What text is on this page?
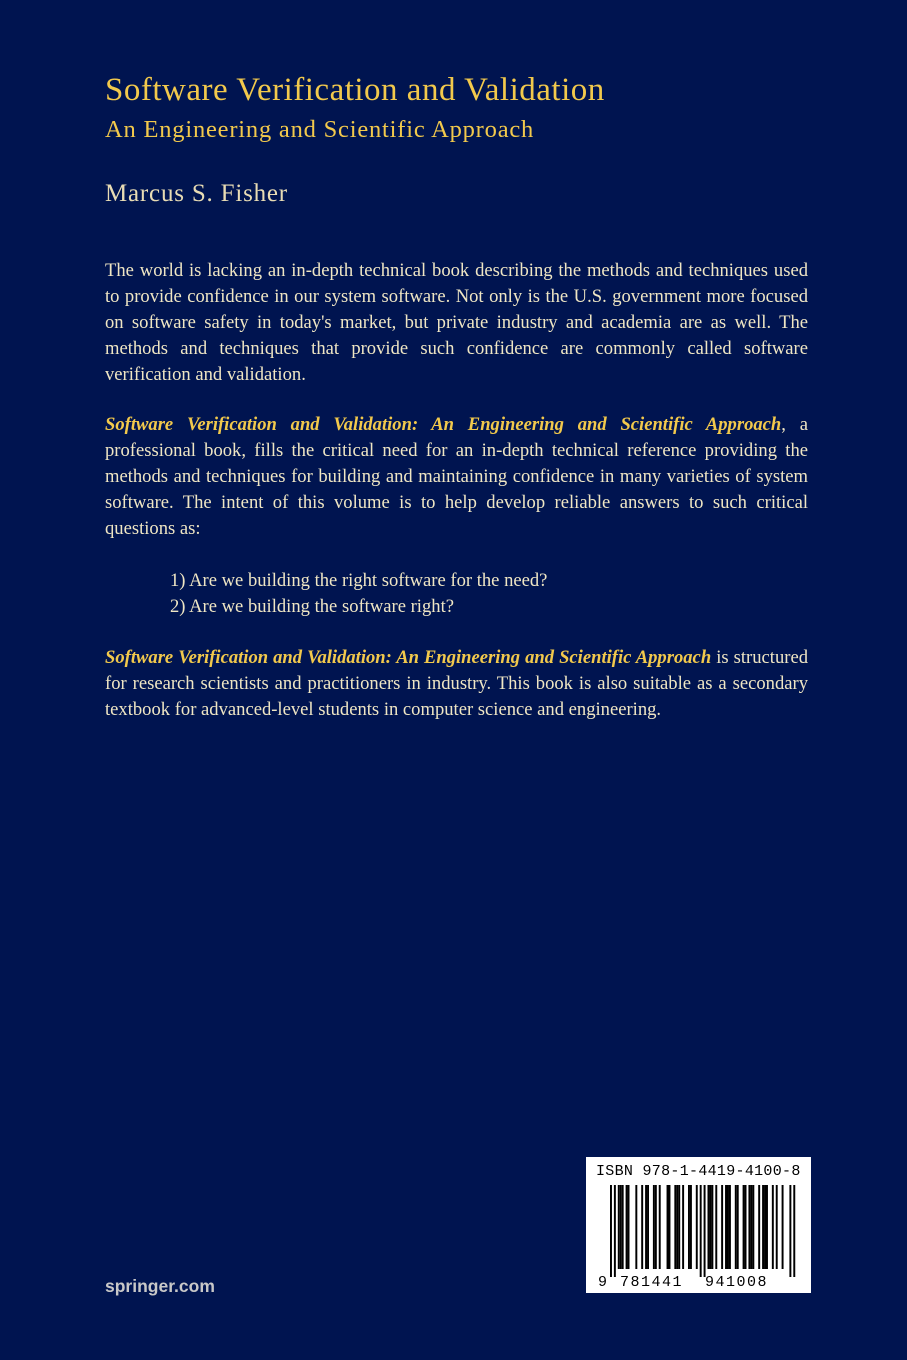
Software Verification and Validation
An Engineering and Scientific Approach
Marcus S. Fisher

The world is lacking an in-depth technical book describing the methods and techniques used to provide confidence in our system software. Not only is the U.S. government more focused on software safety in today's market, but private industry and academia are as well. The methods and techniques that provide such confidence are commonly called software verification and validation.

Software Verification and Validation: An Engineering and Scientific Approach, a professional book, fills the critical need for an in-depth technical reference providing the methods and techniques for building and maintaining confidence in many varieties of system software. The intent of this volume is to help develop reliable answers to such critical questions as:

1) Are we building the right software for the need?
2) Are we building the software right?

Software Verification and Validation: An Engineering and Scientific Approach is structured for research scientists and practitioners in industry. This book is also suitable as a secondary textbook for advanced-level students in computer science and engineering.

springer.com
ISBN 978-1-4419-4100-8
9 781441 941008
